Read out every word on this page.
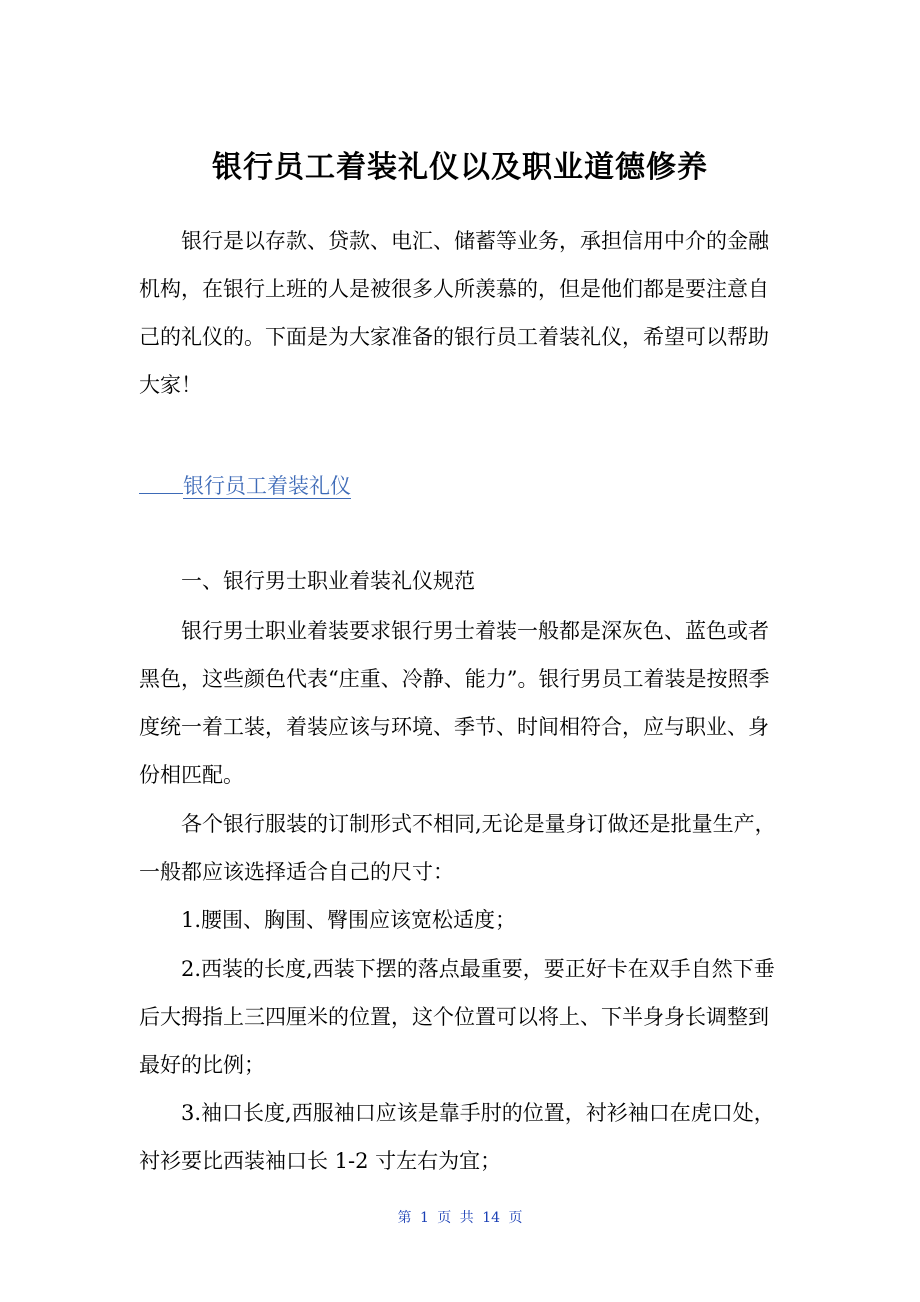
银行员工着装礼仪以及职业道德修养

银行是以存款、贷款、电汇、储蓄等业务，承担信用中介的金融机构，在银行上班的人是被很多人所羡慕的，但是他们都是要注意自己的礼仪的。下面是为大家准备的银行员工着装礼仪，希望可以帮助大家！

银行员工着装礼仪

一、银行男士职业着装礼仪规范

银行男士职业着装要求银行男士着装一般都是深灰色、蓝色或者黑色，这些颜色代表“庄重、冷静、能力”。银行男员工着装是按照季度统一着工装，着装应该与环境、季节、时间相符合，应与职业、身份相匹配。

各个银行服装的订制形式不相同,无论是量身订做还是批量生产，一般都应该选择适合自己的尺寸：

1.腰围、胸围、臀围应该宽松适度；

2.西装的长度,西装下摆的落点最重要，要正好卡在双手自然下垂后大拇指上三四厘米的位置，这个位置可以将上、下半身身长调整到最好的比例；

3.袖口长度,西服袖口应该是靠手肘的位置，衬衫袖口在虎口处，衬衫要比西装袖口长 1-2 寸左右为宜；

第 1 页 共 14 页
